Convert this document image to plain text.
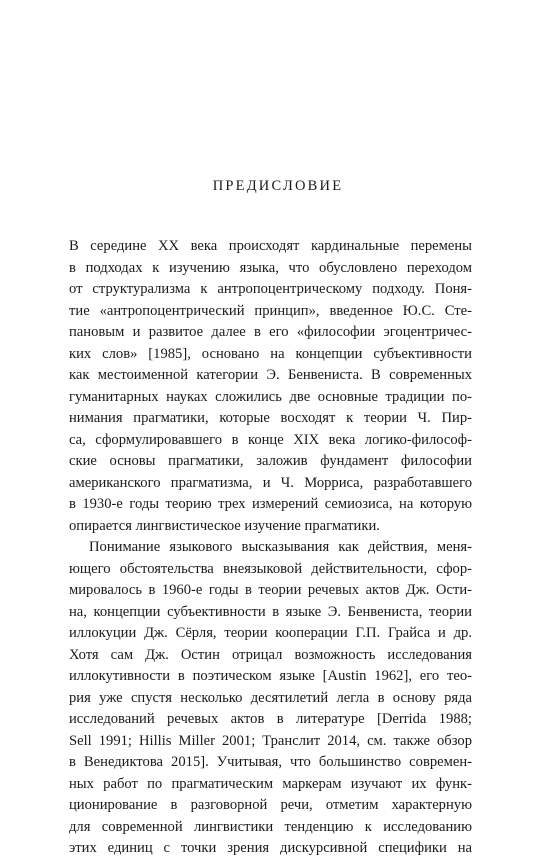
ПРЕДИСЛОВИЕ
В середине XX века происходят кардинальные перемены
в подходах к изучению языка, что обусловлено переходом
от структурализма к антропоцентрическому подходу. Поня-
тие «антропоцентрический принцип», введенное Ю.С. Сте-
пановым и развитое далее в его «философии эгоцентричес-
ких слов» [1985], основано на концепции субъективности
как местоименной категории Э. Бенвениста. В современных
гуманитарных науках сложились две основные традиции по-
нимания прагматики, которые восходят к теории Ч. Пир-
са, сформулировавшего в конце XIX века логико-философ-
ские основы прагматики, заложив фундамент философии
американского прагматизма, и Ч. Морриса, разработавшего
в 1930-е годы теорию трех измерений семиозиса, на которую
опирается лингвистическое изучение прагматики.
Понимание языкового высказывания как действия, меня-
ющего обстоятельства внеязыковой действительности, сфор-
мировалось в 1960-е годы в теории речевых актов Дж. Ости-
на, концепции субъективности в языке Э. Бенвениста, теории
иллокуции Дж. Сёрля, теории кооперации Г.П. Грайса и др.
Хотя сам Дж. Остин отрицал возможность исследования
иллокутивности в поэтическом языке [Austin 1962], его тео-
рия уже спустя несколько десятилетий легла в основу ряда
исследований речевых актов в литературе [Derrida 1988;
Sell 1991; Hillis Miller 2001; Транслит 2014, см. также обзор
в Венедиктова 2015]. Учитывая, что большинство современ-
ных работ по прагматическим маркерам изучают их функ-
ционирование в разговорной речи, отметим характерную
для современной лингвистики тенденцию к исследованию
этих единиц с точки зрения дискурсивной специфики на
